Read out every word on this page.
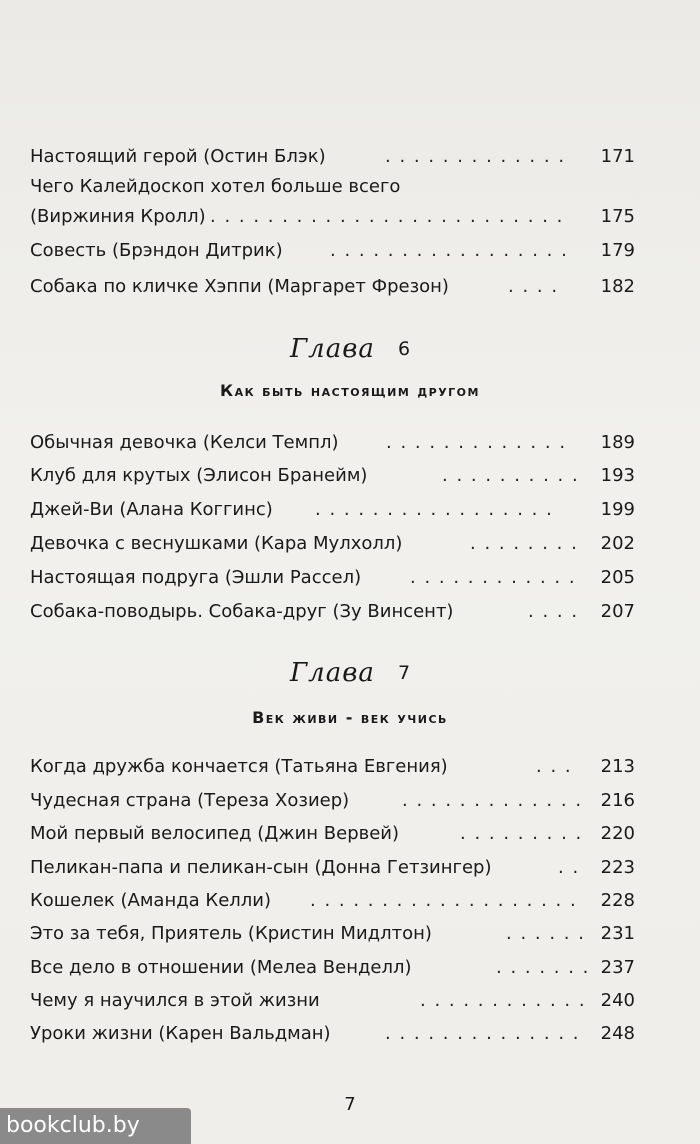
Настоящий герой (Остин Блэк)	. . . . . . . . . . . . . 171
Чего Калейдоскоп хотел больше всего
(Виржиния Кролл) . . . . . . . . . . . . . . . . . . . . . . . . . 175
Совесть (Брэндон Дитрик)	. . . . . . . . . . . . . . . . . 179
Собака по кличке Хэппи (Маргарет Фрезон)	. . . . 182
Глава 6
Как быть настоящим другом
Обычная девочка (Келси Темпл)	. . . . . . . . . . . . . 189
Клуб для крутых (Элисон Бранейм)	. . . . . . . . . . 193
Джей-Ви (Алана Коггинс) . . . . . . . . . . . . . . . . .	199
Девочка с веснушками (Кара Мулхолл)	. . . . . . . . 202
Настоящая подруга (Эшли Рассел)	. . . . . . . . . . . . 205
Собака-поводырь. Собака-друг (Зу Винсент)	. . . . 207
Глава 7
Век живи - век учись
Когда дружба кончается (Татьяна Евгения)	. . . 213
Чудесная страна (Тереза Хозиер)	. . . . . . . . . . . . . 216
Мой первый велосипед (Джин Вервей)	. . . . . . . . . 220
Пеликан-папа и пеликан-сын (Донна Гетзингер)	. . 223
Кошелек (Аманда Келли) . . . . . . . . . . . . . . . . . . . 228
Это за тебя, Приятель (Кристин Мидлтон)	. . . . . . 231
Все дело в отношении (Мелеа Венделл)	. . . . . . . 237
Чему я научился в этой жизни	. . . . . . . . . . . . 240
Уроки жизни (Карен Вальдман)	. . . . . . . . . . . . . . 248
7
bookclub.by
